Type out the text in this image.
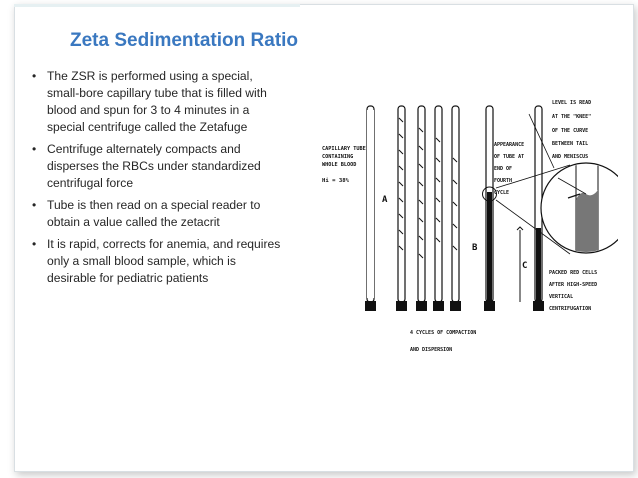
Zeta Sedimentation Ratio
• The ZSR is performed using a special, small-bore capillary tube that is filled with blood and spun for 3 to 4 minutes in a special centrifuge called the Zetafuge
• Centrifuge alternately compacts and disperses the RBCs under standardized centrifugal force
• Tube is then read on a special reader to obtain a value called the zetacrit
• It is rapid, corrects for anemia, and requires only a small blood sample, which is desirable for pediatric patients
CAPILLARY TUBE
CONTAINING
WHOLE BLOOD
Hi = 38%
A
4 CYCLES OF COMPACTION
AND DISPERSION
APPEARANCE
OF TUBE AT
END OF
FOURTH
CYCLE
B
C
PACKED RED CELLS
AFTER HIGH-SPEED
VERTICAL
CENTRIFUGATION
LEVEL IS READ
AT THE "KNEE"
OF THE CURVE
BETWEEN TAIL
AND MENISCUS
